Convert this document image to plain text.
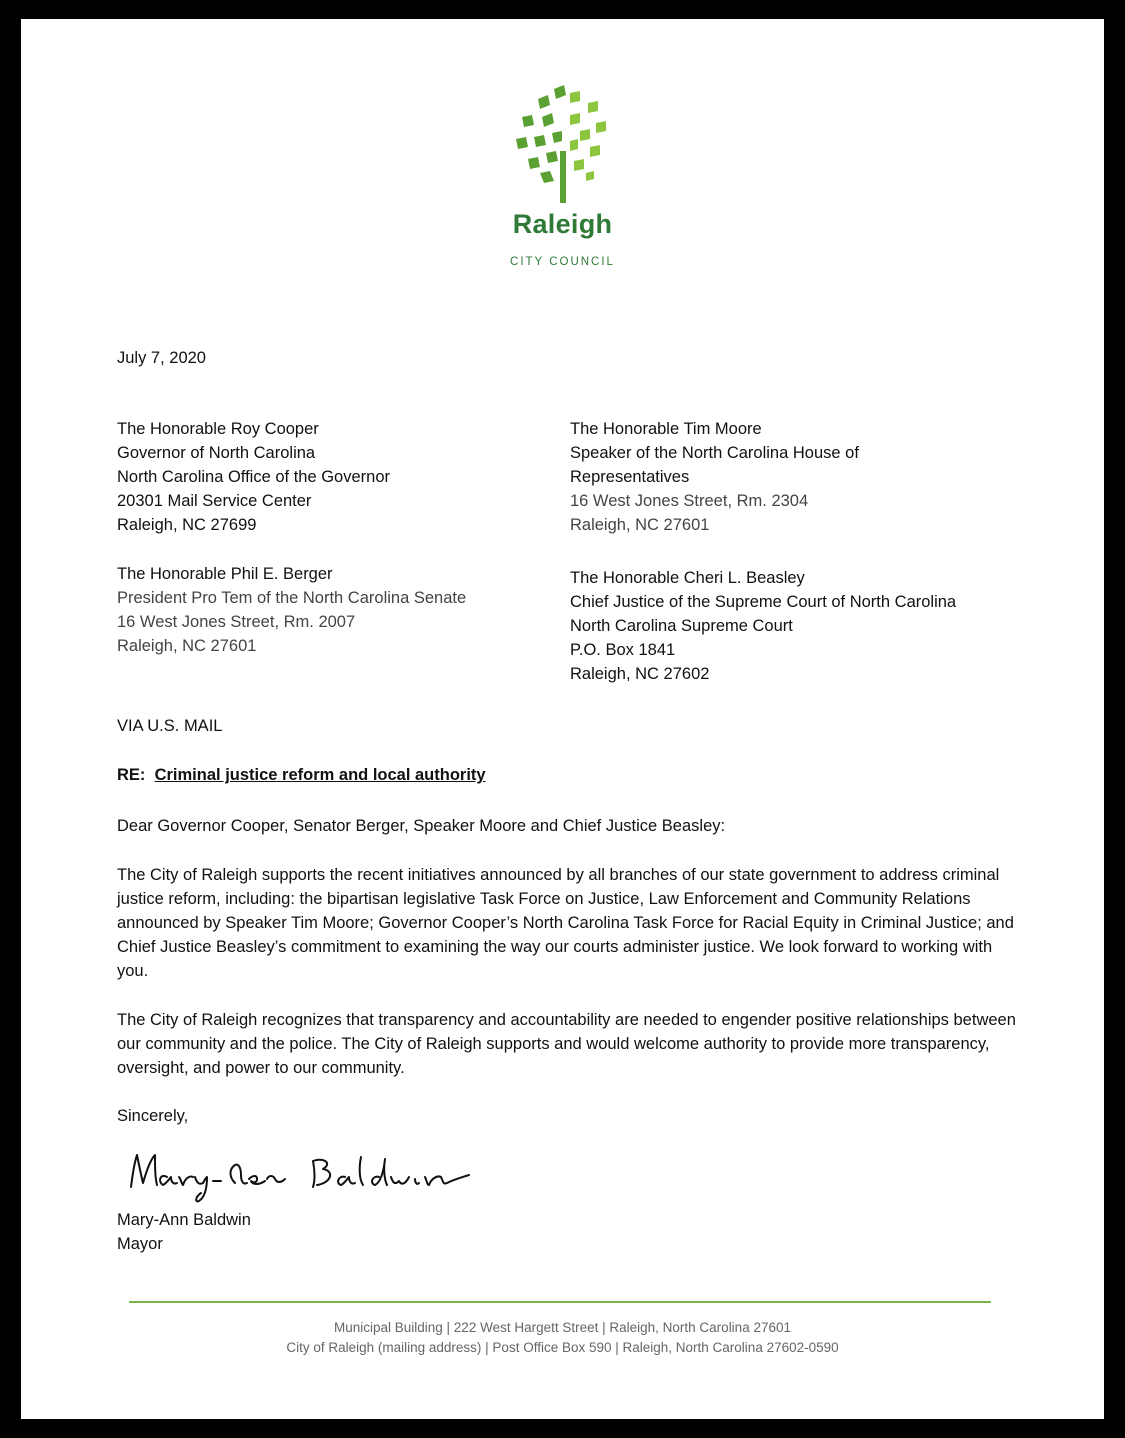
Raleigh
CITY COUNCIL
July 7, 2020
The Honorable Roy Cooper
Governor of North Carolina
North Carolina Office of the Governor
20301 Mail Service Center
Raleigh, NC 27699
The Honorable Phil E. Berger
President Pro Tem of the North Carolina Senate
16 West Jones Street, Rm. 2007
Raleigh, NC 27601
The Honorable Tim Moore
Speaker of the North Carolina House of
Representatives
16 West Jones Street, Rm. 2304
Raleigh, NC 27601
The Honorable Cheri L. Beasley
Chief Justice of the Supreme Court of North Carolina
North Carolina Supreme Court
P.O. Box 1841
Raleigh, NC 27602
VIA U.S. MAIL
RE: Criminal justice reform and local authority
Dear Governor Cooper, Senator Berger, Speaker Moore and Chief Justice Beasley:
The City of Raleigh supports the recent initiatives announced by all branches of our state government to address criminal justice reform, including: the bipartisan legislative Task Force on Justice, Law Enforcement and Community Relations announced by Speaker Tim Moore; Governor Cooper’s North Carolina Task Force for Racial Equity in Criminal Justice; and Chief Justice Beasley’s commitment to examining the way our courts administer justice. We look forward to working with you.
The City of Raleigh recognizes that transparency and accountability are needed to engender positive relationships between our community and the police. The City of Raleigh supports and would welcome authority to provide more transparency, oversight, and power to our community.
Sincerely,
Mary-Ann Baldwin
Mayor
Municipal Building | 222 West Hargett Street | Raleigh, North Carolina 27601
City of Raleigh (mailing address) | Post Office Box 590 | Raleigh, North Carolina 27602-0590
